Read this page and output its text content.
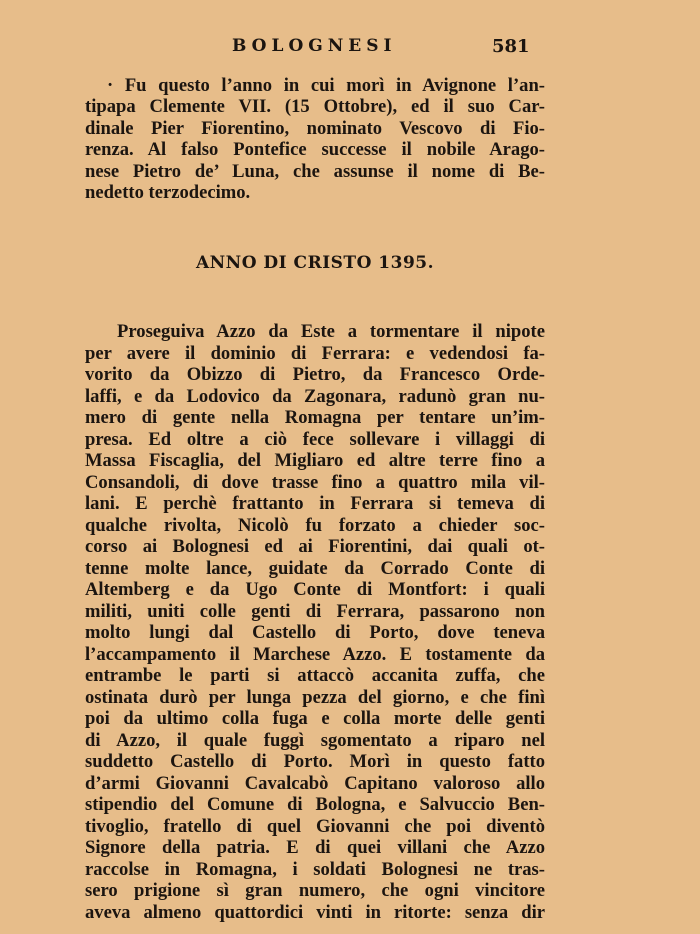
BOLOGNESI	581

· Fu questo l’anno in cui morì in Avignone l’an-
tipapa Clemente VII. (15 Ottobre), ed il suo Car-
dinale Pier Fiorentino, nominato Vescovo di Fio-
renza. Al falso Pontefice successe il nobile Arago-
nese Pietro de’ Luna, che assunse il nome di Be-
nedetto terzodecimo.

ANNO DI CRISTO 1395.

Proseguiva Azzo da Este a tormentare il nipote
per avere il dominio di Ferrara: e vedendosi fa-
vorito da Obizzo di Pietro, da Francesco Orde-
laffi, e da Lodovico da Zagonara, radunò gran nu-
mero di gente nella Romagna per tentare un’im-
presa. Ed oltre a ciò fece sollevare i villaggi di
Massa Fiscaglia, del Migliaro ed altre terre fino a
Consandoli, di dove trasse fino a quattro mila vil-
lani. E perchè frattanto in Ferrara si temeva di
qualche rivolta, Nicolò fu forzato a chieder soc-
corso ai Bolognesi ed ai Fiorentini, dai quali ot-
tenne molte lance, guidate da Corrado Conte di
Altemberg e da Ugo Conte di Montfort: i quali
militi, uniti colle genti di Ferrara, passarono non
molto lungi dal Castello di Porto, dove teneva
l’accampamento il Marchese Azzo. E tostamente da
entrambe le parti si attaccò accanita zuffa, che
ostinata durò per lunga pezza del giorno, e che finì
poi da ultimo colla fuga e colla morte delle genti
di Azzo, il quale fuggì sgomentato a riparo nel
suddetto Castello di Porto. Morì in questo fatto
d’armi Giovanni Cavalcabò Capitano valoroso allo
stipendio del Comune di Bologna, e Salvuccio Ben-
tivoglio, fratello di quel Giovanni che poi diventò
Signore della patria. E di quei villani che Azzo
raccolse in Romagna, i soldati Bolognesi ne tras-
sero prigione sì gran numero, che ogni vincitore
aveva almeno quattordici vinti in ritorte: senza dir
